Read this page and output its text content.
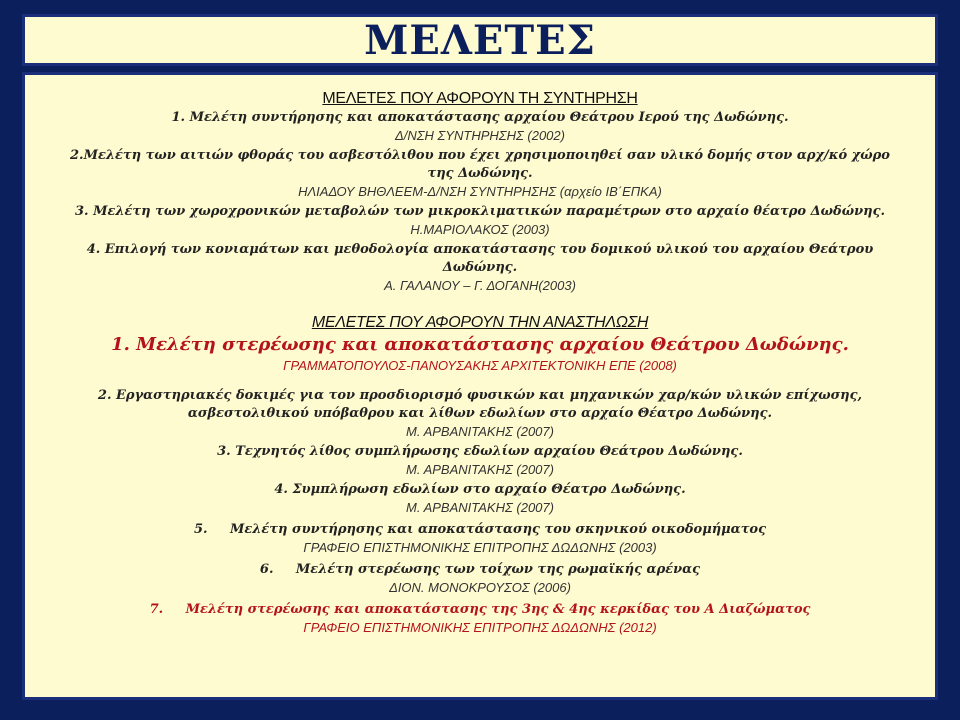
ΜΕΛΕΤΕΣ

ΜΕΛΕΤΕΣ ΠΟΥ ΑΦΟΡΟΥΝ ΤΗ ΣΥΝΤΗΡΗΣΗ

1. Μελέτη συντήρησης και αποκατάστασης αρχαίου Θεάτρου Ιερού της Δωδώνης.

Δ/ΝΣΗ ΣΥΝΤΗΡΗΣΗΣ (2002)

2.Μελέτη των αιτιών φθοράς του ασβεστόλιθου που έχει χρησιμοποιηθεί σαν υλικό δομής στον αρχ/κό χώρο της Δωδώνης.

ΗΛΙΑΔΟΥ ΒΗΘΛΕΕΜ-Δ/ΝΣΗ ΣΥΝΤΗΡΗΣΗΣ (αρχείο ΙΒ΄ΕΠΚΑ)

3. Μελέτη των χωροχρονικών μεταβολών των μικροκλιματικών παραμέτρων στο αρχαίο θέατρο Δωδώνης.

Η.ΜΑΡΙΟΛΑΚΟΣ (2003)

4. Επιλογή των κονιαμάτων και μεθοδολογία αποκατάστασης του δομικού υλικού του αρχαίου Θεάτρου Δωδώνης.

Α. ΓΑΛΑΝΟΥ – Γ. ΔΟΓΑΝΗ(2003)

ΜΕΛΕΤΕΣ ΠΟΥ ΑΦΟΡΟΥΝ ΤΗΝ ΑΝΑΣΤΗΛΩΣΗ

1. Μελέτη στερέωσης και αποκατάστασης αρχαίου Θεάτρου Δωδώνης.

ΓΡΑΜΜΑΤΟΠΟΥΛΟΣ-ΠΑΝΟΥΣΑΚΗΣ ΑΡΧΙΤΕΚΤΟΝΙΚΗ ΕΠΕ (2008)

2. Εργαστηριακές δοκιμές για τον προσδιορισμό φυσικών και μηχανικών χαρ/κών υλικών επίχωσης, ασβεστολιθικού υπόβαθρου και λίθων εδωλίων στο αρχαίο Θέατρο Δωδώνης.

Μ. ΑΡΒΑΝΙΤΑΚΗΣ (2007)

3. Τεχνητός λίθος συμπλήρωσης εδωλίων αρχαίου Θεάτρου Δωδώνης.

Μ. ΑΡΒΑΝΙΤΑΚΗΣ (2007)

4. Συμπλήρωση εδωλίων στο αρχαίο Θέατρο Δωδώνης.

Μ. ΑΡΒΑΝΙΤΑΚΗΣ (2007)

5. Μελέτη συντήρησης και αποκατάστασης του σκηνικού οικοδομήματος

ΓΡΑΦΕΙΟ ΕΠΙΣΤΗΜΟΝΙΚΗΣ ΕΠΙΤΡΟΠΗΣ ΔΩΔΩΝΗΣ (2003)

6. Μελέτη στερέωσης των τοίχων της ρωμαϊκής αρένας

ΔΙΟΝ. ΜΟΝΟΚΡΟΥΣΟΣ (2006)

7. Μελέτη στερέωσης και αποκατάστασης της 3ης & 4ης κερκίδας του Α Διαζώματος

ΓΡΑΦΕΙΟ ΕΠΙΣΤΗΜΟΝΙΚΗΣ ΕΠΙΤΡΟΠΗΣ ΔΩΔΩΝΗΣ (2012)
